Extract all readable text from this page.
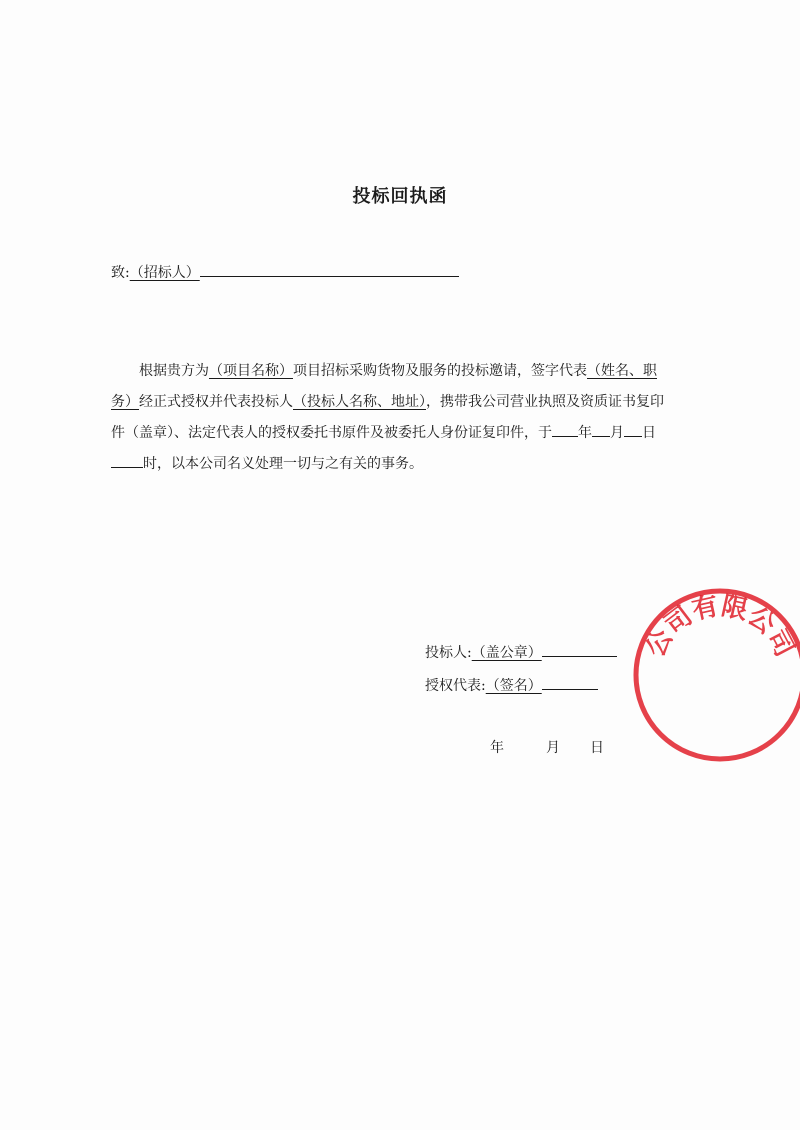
投标回执函
致:（招标人）
根据贵方为（项目名称）项目招标采购货物及服务的投标邀请，签字代表（姓名、职务）经正式授权并代表投标人（投标人名称、地址），携带我公司营业执照及资质证书复印件（盖章）、法定代表人的授权委托书原件及被委托人身份证复印件，于 年 月 日时，以本公司名义处理一切与之有关的事务。
投标人:（盖公章）
授权代表:（签名）
年	月 日
公司有限公司
